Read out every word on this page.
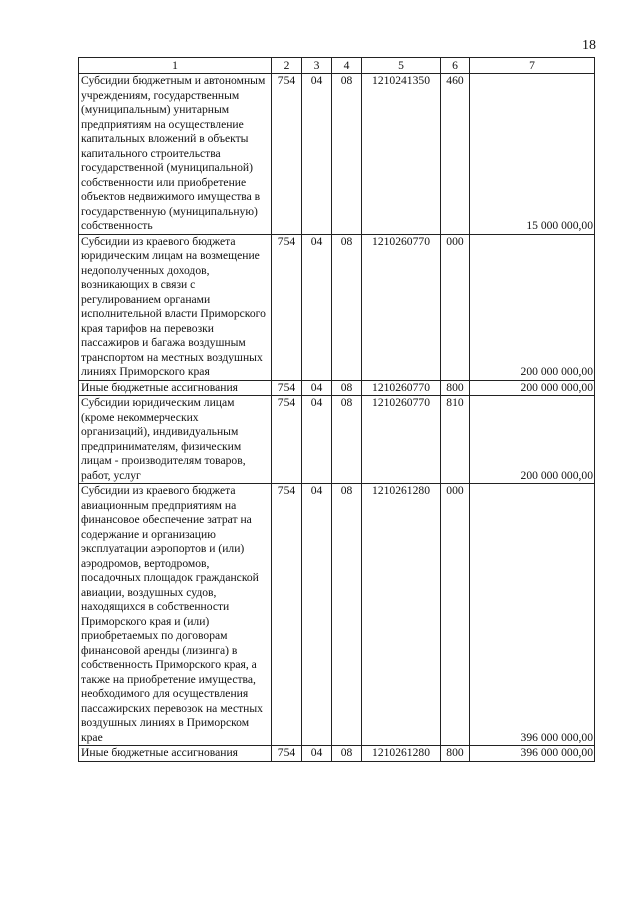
18
1	2	3	4	5	6	7
Субсидии бюджетным и автономным учреждениям, государственным (муниципальным) унитарным предприятиям на осуществление капитальных вложений в объекты капитального строительства государственной (муниципальной) собственности или приобретение объектов недвижимого имущества в государственную (муниципальную) собственность	754	04	08	1210241350	460	15 000 000,00
Субсидии из краевого бюджета юридическим лицам на возмещение недополученных доходов, возникающих в связи с регулированием органами исполнительной власти Приморского края тарифов на перевозки пассажиров и багажа воздушным транспортом на местных воздушных линиях Приморского края	754	04	08	1210260770	000	200 000 000,00
Иные бюджетные ассигнования	754	04	08	1210260770	800	200 000 000,00
Субсидии юридическим лицам (кроме некоммерческих организаций), индивидуальным предпринимателям, физическим лицам - производителям товаров, работ, услуг	754	04	08	1210260770	810	200 000 000,00
Субсидии из краевого бюджета авиационным предприятиям на финансовое обеспечение затрат на содержание и организацию эксплуатации аэропортов и (или) аэродромов, вертодромов, посадочных площадок гражданской авиации, воздушных судов, находящихся в собственности Приморского края и (или) приобретаемых по договорам финансовой аренды (лизинга) в собственность Приморского края, а также на приобретение имущества, необходимого для осуществления пассажирских перевозок на местных воздушных линиях в Приморском крае	754	04	08	1210261280	000	396 000 000,00
Иные бюджетные ассигнования	754	04	08	1210261280	800	396 000 000,00
